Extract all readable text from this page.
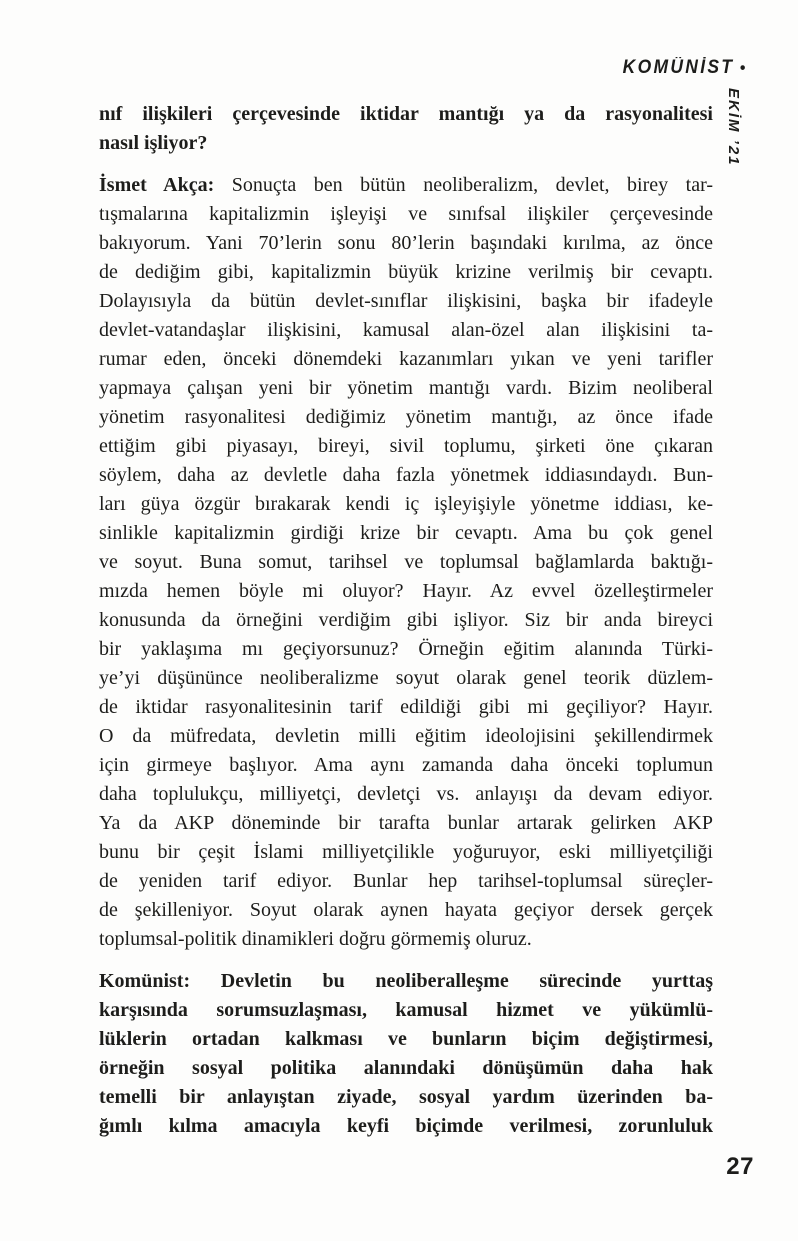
KOMÜNİST •
EKİM ’21
nıf ilişkileri çerçevesinde iktidar mantığı ya da rasyonalitesi
nasıl işliyor?
İsmet Akça: Sonuçta ben bütün neoliberalizm, devlet, birey tar-
tışmalarına kapitalizmin işleyişi ve sınıfsal ilişkiler çerçevesinde
bakıyorum. Yani 70’lerin sonu 80’lerin başındaki kırılma, az önce
de dediğim gibi, kapitalizmin büyük krizine verilmiş bir cevaptı.
Dolayısıyla da bütün devlet-sınıflar ilişkisini, başka bir ifadeyle
devlet-vatandaşlar ilişkisini, kamusal alan-özel alan ilişkisini ta-
rumar eden, önceki dönemdeki kazanımları yıkan ve yeni tarifler
yapmaya çalışan yeni bir yönetim mantığı vardı. Bizim neoliberal
yönetim rasyonalitesi dediğimiz yönetim mantığı, az önce ifade
ettiğim gibi piyasayı, bireyi, sivil toplumu, şirketi öne çıkaran
söylem, daha az devletle daha fazla yönetmek iddiasındaydı. Bun-
ları güya özgür bırakarak kendi iç işleyişiyle yönetme iddiası, ke-
sinlikle kapitalizmin girdiği krize bir cevaptı. Ama bu çok genel
ve soyut. Buna somut, tarihsel ve toplumsal bağlamlarda baktığı-
mızda hemen böyle mi oluyor? Hayır. Az evvel özelleştirmeler
konusunda da örneğini verdiğim gibi işliyor. Siz bir anda bireyci
bir yaklaşıma mı geçiyorsunuz? Örneğin eğitim alanında Türki-
ye’yi düşününce neoliberalizme soyut olarak genel teorik düzlem-
de iktidar rasyonalitesinin tarif edildiği gibi mi geçiliyor? Hayır.
O da müfredata, devletin milli eğitim ideolojisini şekillendirmek
için girmeye başlıyor. Ama aynı zamanda daha önceki toplumun
daha toplulukçu, milliyetçi, devletçi vs. anlayışı da devam ediyor.
Ya da AKP döneminde bir tarafta bunlar artarak gelirken AKP
bunu bir çeşit İslami milliyetçilikle yoğuruyor, eski milliyetçiliği
de yeniden tarif ediyor. Bunlar hep tarihsel-toplumsal süreçler-
de şekilleniyor. Soyut olarak aynen hayata geçiyor dersek gerçek
toplumsal-politik dinamikleri doğru görmemiş oluruz.
Komünist: Devletin bu neoliberalleşme sürecinde yurttaş
karşısında sorumsuzlaşması, kamusal hizmet ve yükümlü-
lüklerin ortadan kalkması ve bunların biçim değiştirmesi,
örneğin sosyal politika alanındaki dönüşümün daha hak
temelli bir anlayıştan ziyade, sosyal yardım üzerinden ba-
ğımlı kılma amacıyla keyfi biçimde verilmesi, zorunluluk
27
